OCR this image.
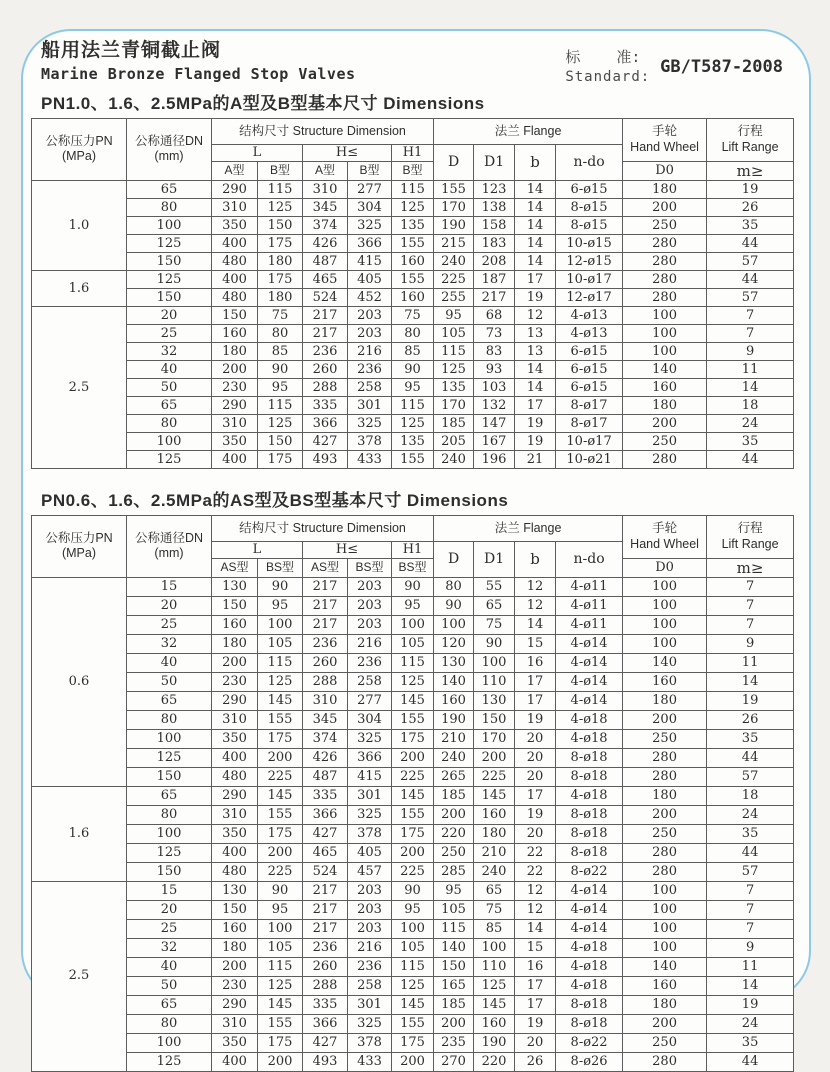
船用法兰青铜截止阀
Marine Bronze Flanged Stop Valves
标    准:
Standard: GB/T587-2008
PN1.0、1.6、2.5MPa的A型及B型基本尺寸 Dimensions
公称压力PN
(MPa)

公称通径DN
(mm)
	结构尺寸 Structure Dimension	法兰 Flange	手轮
Hand Wheel

行程
Lift Range

		L		H≤		H1	D	D1	b	n-do		
		A型	B型	A型	B型	B型					D0	m≥
1.0	65	290	115	310	277	115	155	123	14	6-ø15	180	19
	80	310	125	345	304	125	170	138	14	8-ø15	200	26
	100	350	150	374	325	135	190	158	14	8-ø15	250	35
	125	400	175	426	366	155	215	183	14	10-ø15	280	44
	150	480	180	487	415	160	240	208	14	12-ø15	280	57
1.6	125	400	175	465	405	155	225	187	17	10-ø17	280	44
	150	480	180	524	452	160	255	217	19	12-ø17	280	57
2.5	20	150	75	217	203	75	95	68	12	4-ø13	100	7
	25	160	80	217	203	80	105	73	13	4-ø13	100	7
	32	180	85	236	216	85	115	83	13	6-ø15	100	9
	40	200	90	260	236	90	125	93	14	6-ø15	140	11
	50	230	95	288	258	95	135	103	14	6-ø15	160	14
	65	290	115	335	301	115	170	132	17	8-ø17	180	18
	80	310	125	366	325	125	185	147	19	8-ø17	200	24
	100	350	150	427	378	135	205	167	19	10-ø17	250	35
	125	400	175	493	433	155	240	196	21	10-ø21	280	44
PN0.6、1.6、2.5MPa的AS型及BS型基本尺寸 Dimensions
公称压力PN
(MPa)

公称通径DN
(mm)
	结构尺寸 Structure Dimension	法兰 Flange	手轮
Hand Wheel

行程
Lift Range

		L		H≤		H1	D	D1	b	n-do		
		AS型	BS型	AS型	BS型	BS型					D0	m≥
0.6	15	130	90	217	203	90	80	55	12	4-ø11	100	7
	20	150	95	217	203	95	90	65	12	4-ø11	100	7
	25	160	100	217	203	100	100	75	14	4-ø11	100	7
	32	180	105	236	216	105	120	90	15	4-ø14	100	9
	40	200	115	260	236	115	130	100	16	4-ø14	140	11
	50	230	125	288	258	125	140	110	17	4-ø14	160	14
	65	290	145	310	277	145	160	130	17	4-ø14	180	19
	80	310	155	345	304	155	190	150	19	4-ø18	200	26
	100	350	175	374	325	175	210	170	20	4-ø18	250	35
	125	400	200	426	366	200	240	200	20	8-ø18	280	44
	150	480	225	487	415	225	265	225	20	8-ø18	280	57
1.6	65	290	145	335	301	145	185	145	17	4-ø18	180	18
	80	310	155	366	325	155	200	160	19	8-ø18	200	24
	100	350	175	427	378	175	220	180	20	8-ø18	250	35
	125	400	200	465	405	200	250	210	22	8-ø18	280	44
	150	480	225	524	457	225	285	240	22	8-ø22	280	57
2.5	15	130	90	217	203	90	95	65	12	4-ø14	100	7
	20	150	95	217	203	95	105	75	12	4-ø14	100	7
	25	160	100	217	203	100	115	85	14	4-ø14	100	7
	32	180	105	236	216	105	140	100	15	4-ø18	100	9
	40	200	115	260	236	115	150	110	16	4-ø18	140	11
	50	230	125	288	258	125	165	125	17	4-ø18	160	14
	65	290	145	335	301	145	185	145	17	8-ø18	180	19
	80	310	155	366	325	155	200	160	19	8-ø18	200	24
	100	350	175	427	378	175	235	190	20	8-ø22	250	35
	125	400	200	493	433	200	270	220	26	8-ø26	280	44
